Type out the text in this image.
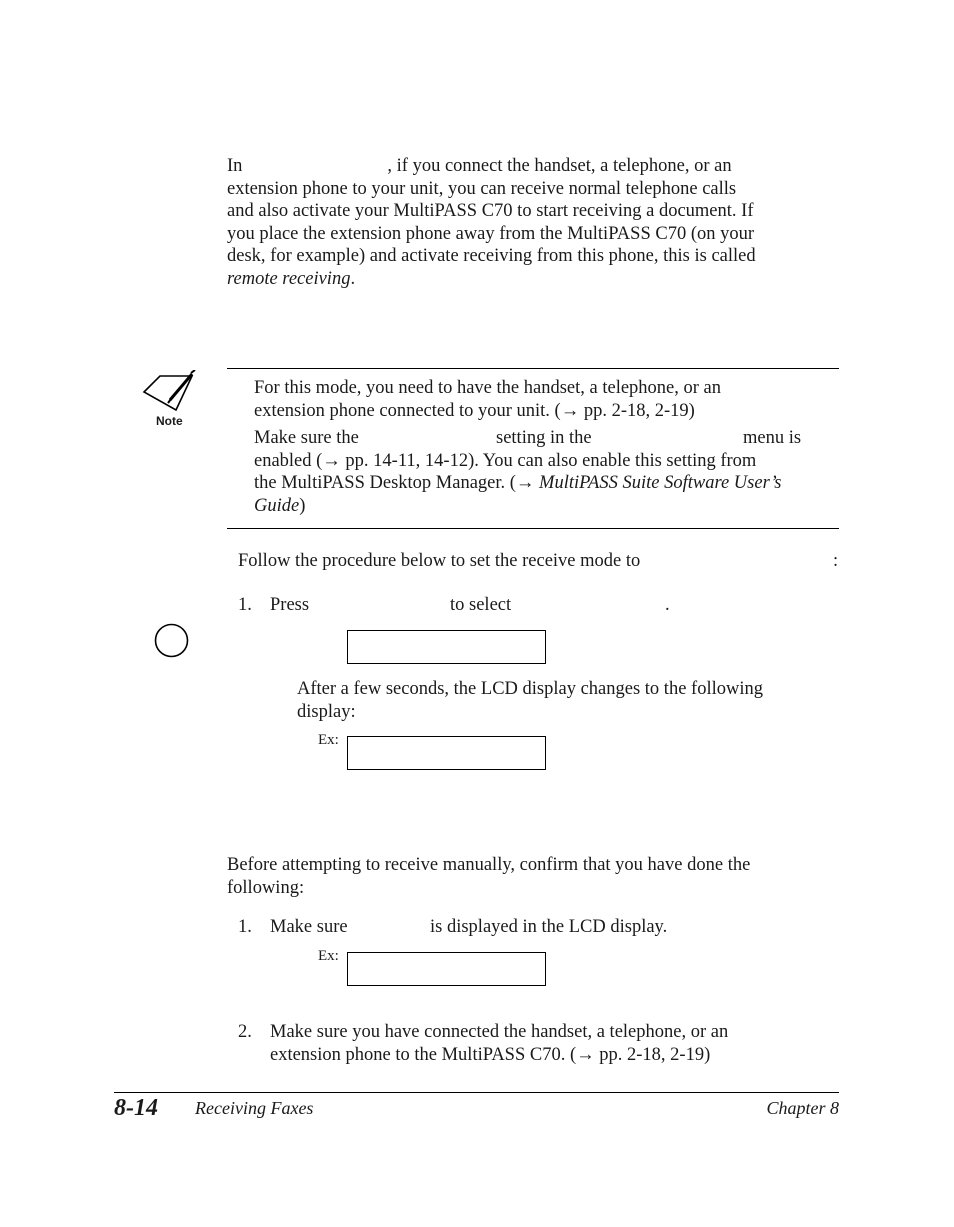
In	, if you connect the handset, a telephone, or an
extension phone to your unit, you can receive normal telephone calls
and also activate your MultiPASS C70 to start receiving a document. If
you place the extension phone away from the MultiPASS C70 (on your
desk, for example) and activate receiving from this phone, this is called
remote receiving.
Note
For this mode, you need to have the handset, a telephone, or an
extension phone connected to your unit. (→ pp. 2-18, 2-19)
Make sure the	setting in the	menu is
enabled (→ pp. 14-11, 14-12). You can also enable this setting from
the MultiPASS Desktop Manager. (→ MultiPASS Suite Software User’s
Guide)
Follow the procedure below to set the receive mode to	:
1. Press	to select	.
After a few seconds, the LCD display changes to the following
display:
Ex:
Before attempting to receive manually, confirm that you have done the
following:
1. Make sure	is displayed in the LCD display.
Ex:
2. Make sure you have connected the handset, a telephone, or an
extension phone to the MultiPASS C70. (→ pp. 2-18, 2-19)
8-14 Receiving Faxes	Chapter 8
